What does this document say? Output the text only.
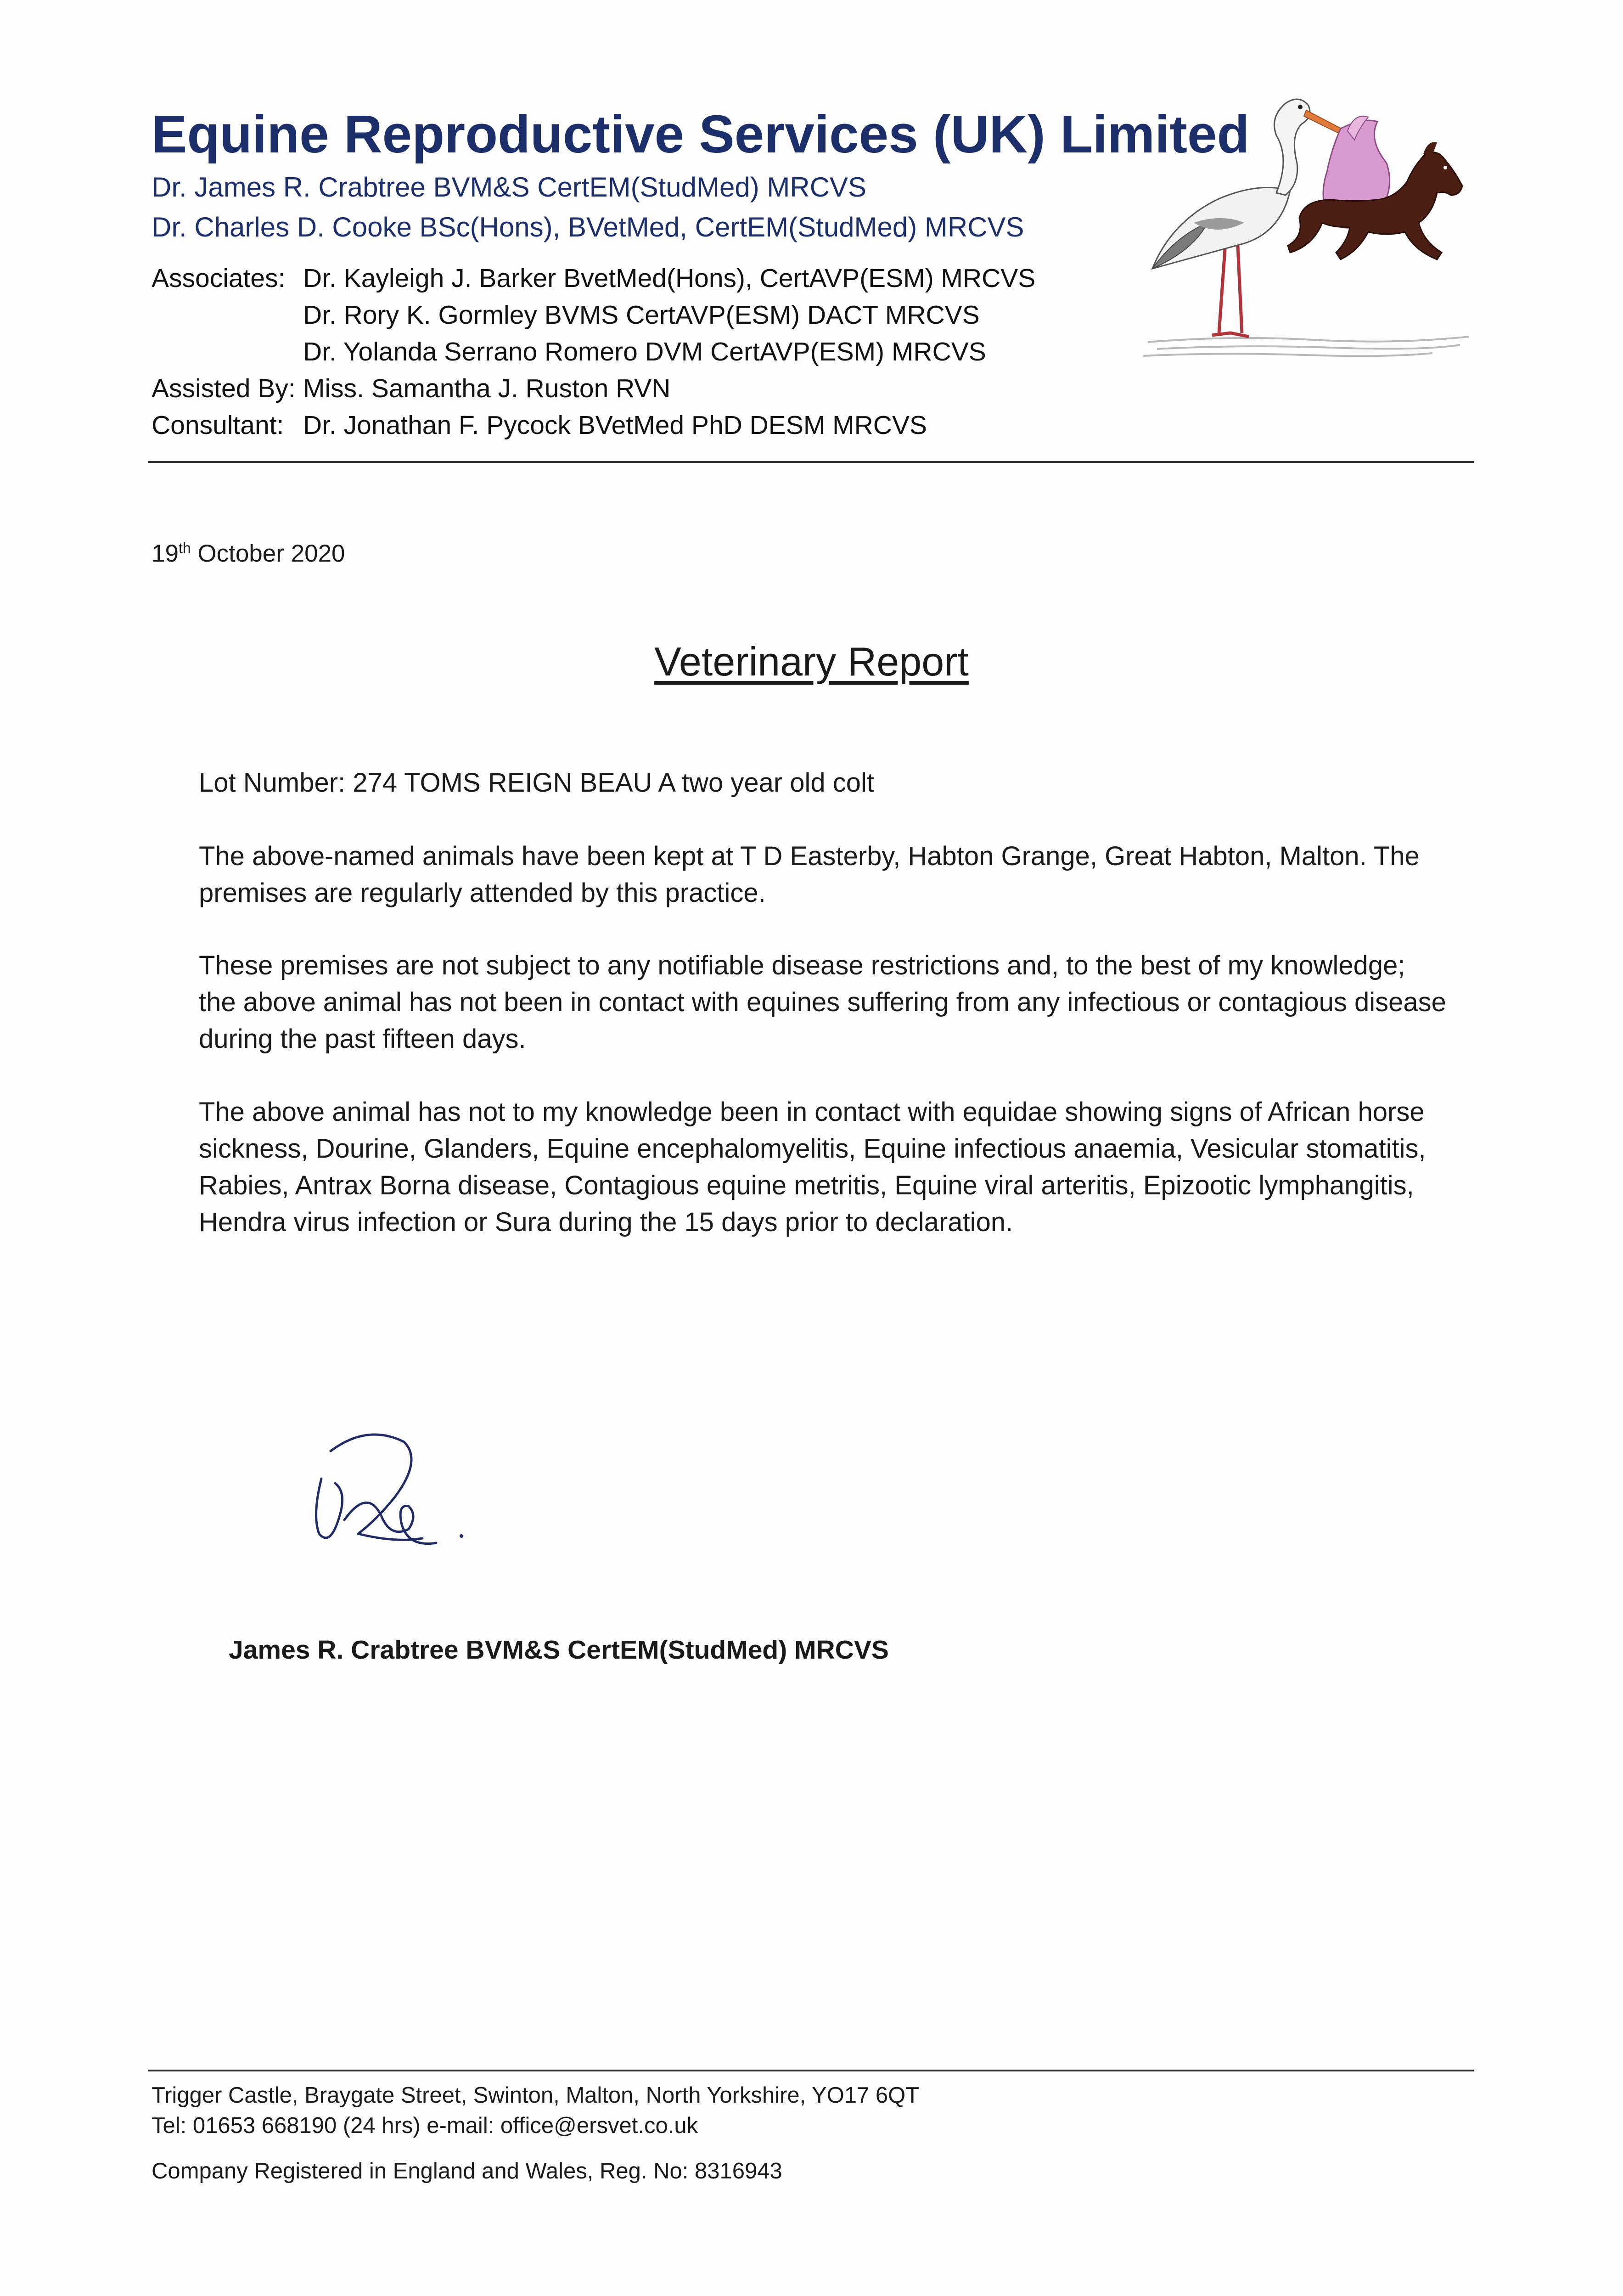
Equine Reproductive Services (UK) Limited
Dr. James R. Crabtree BVM&S CertEM(StudMed) MRCVS
Dr. Charles D. Cooke BSc(Hons), BVetMed, CertEM(StudMed) MRCVS
Associates: Dr. Kayleigh J. Barker BvetMed(Hons), CertAVP(ESM) MRCVS
Dr. Rory K. Gormley BVMS CertAVP(ESM) DACT MRCVS
Dr. Yolanda Serrano Romero DVM CertAVP(ESM) MRCVS
Assisted By: Miss. Samantha J. Ruston RVN
Consultant: Dr. Jonathan F. Pycock BVetMed PhD DESM MRCVS
19th October 2020
Veterinary Report

Lot Number: 274 TOMS REIGN BEAU A two year old colt

The above-named animals have been kept at T D Easterby, Habton Grange, Great Habton, Malton. The premises are regularly attended by this practice.

These premises are not subject to any notifiable disease restrictions and, to the best of my knowledge; the above animal has not been in contact with equines suffering from any infectious or contagious disease during the past fifteen days.

The above animal has not to my knowledge been in contact with equidae showing signs of African horse sickness, Dourine, Glanders, Equine encephalomyelitis, Equine infectious anaemia, Vesicular stomatitis, Rabies, Antrax Borna disease, Contagious equine metritis, Equine viral arteritis, Epizootic lymphangitis, Hendra virus infection or Sura during the 15 days prior to declaration.

James R. Crabtree BVM&S CertEM(StudMed) MRCVS
Trigger Castle, Braygate Street, Swinton, Malton, North Yorkshire, YO17 6QT
Tel: 01653 668190 (24 hrs) e-mail: office@ersvet.co.uk
Company Registered in England and Wales, Reg. No: 8316943
